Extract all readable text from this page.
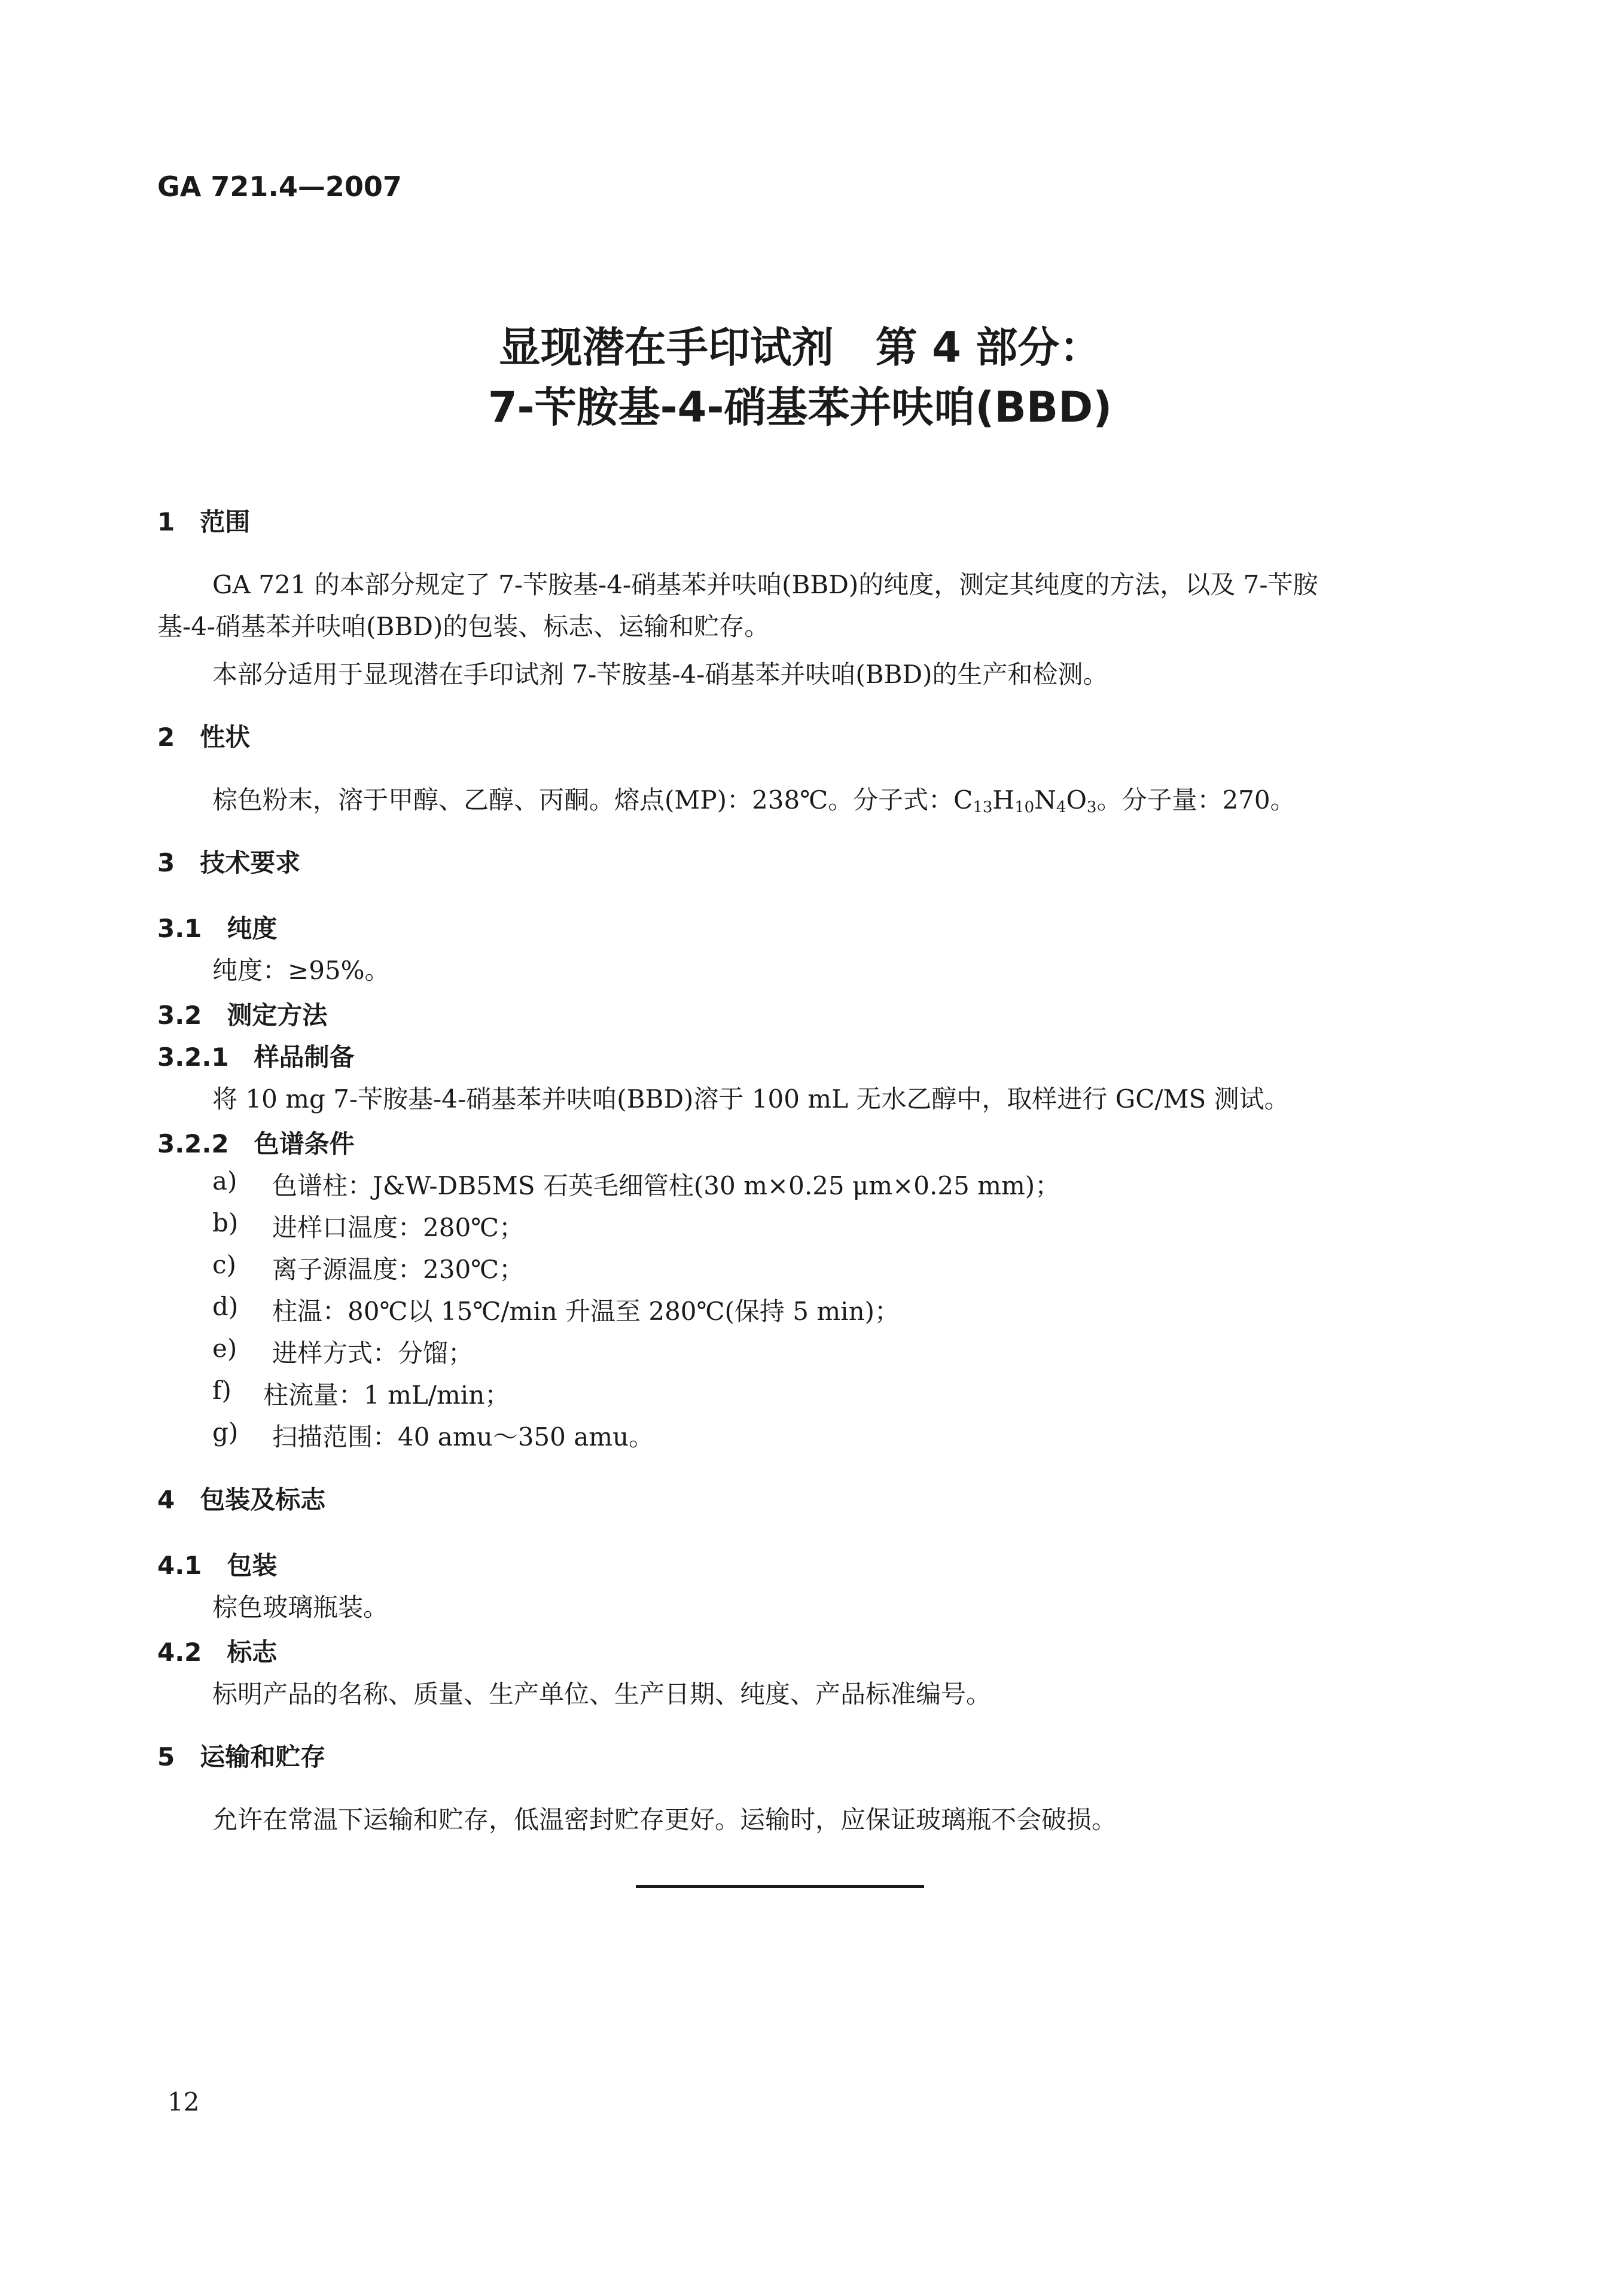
GA 721.4—2007
显现潜在手印试剂　第 4 部分：
7-苄胺基-4-硝基苯并呋咱(BBD)
1　范围
GA 721 的本部分规定了 7-苄胺基-4-硝基苯并呋咱(BBD)的纯度，测定其纯度的方法，以及 7-苄胺
基-4-硝基苯并呋咱(BBD)的包装、标志、运输和贮存。
本部分适用于显现潜在手印试剂 7-苄胺基-4-硝基苯并呋咱(BBD)的生产和检测。
2　性状
棕色粉末，溶于甲醇、乙醇、丙酮。熔点(MP)：238℃。分子式：$C_{13}H_{10}N_4O_3$。分子量：270。
3　技术要求
3.1　纯度
纯度：≥95%。
3.2　测定方法
3.2.1　样品制备
将 10 mg 7-苄胺基-4-硝基苯并呋咱(BBD)溶于 100 mL 无水乙醇中，取样进行 GC/MS 测试。
3.2.2　色谱条件
a) 色谱柱：J&W-DB5MS 石英毛细管柱(30 m×0.25 μm×0.25 mm)；
b) 进样口温度：280℃；
c) 离子源温度：230℃；
d) 柱温：80℃以 15℃/min 升温至 280℃(保持 5 min)；
e) 进样方式：分馏；
f) 柱流量：1 mL/min；
g) 扫描范围：40 amu～350 amu。
4　包装及标志
4.1　包装
棕色玻璃瓶装。
4.2　标志
标明产品的名称、质量、生产单位、生产日期、纯度、产品标准编号。
5　运输和贮存
允许在常温下运输和贮存，低温密封贮存更好。运输时，应保证玻璃瓶不会破损。
12
